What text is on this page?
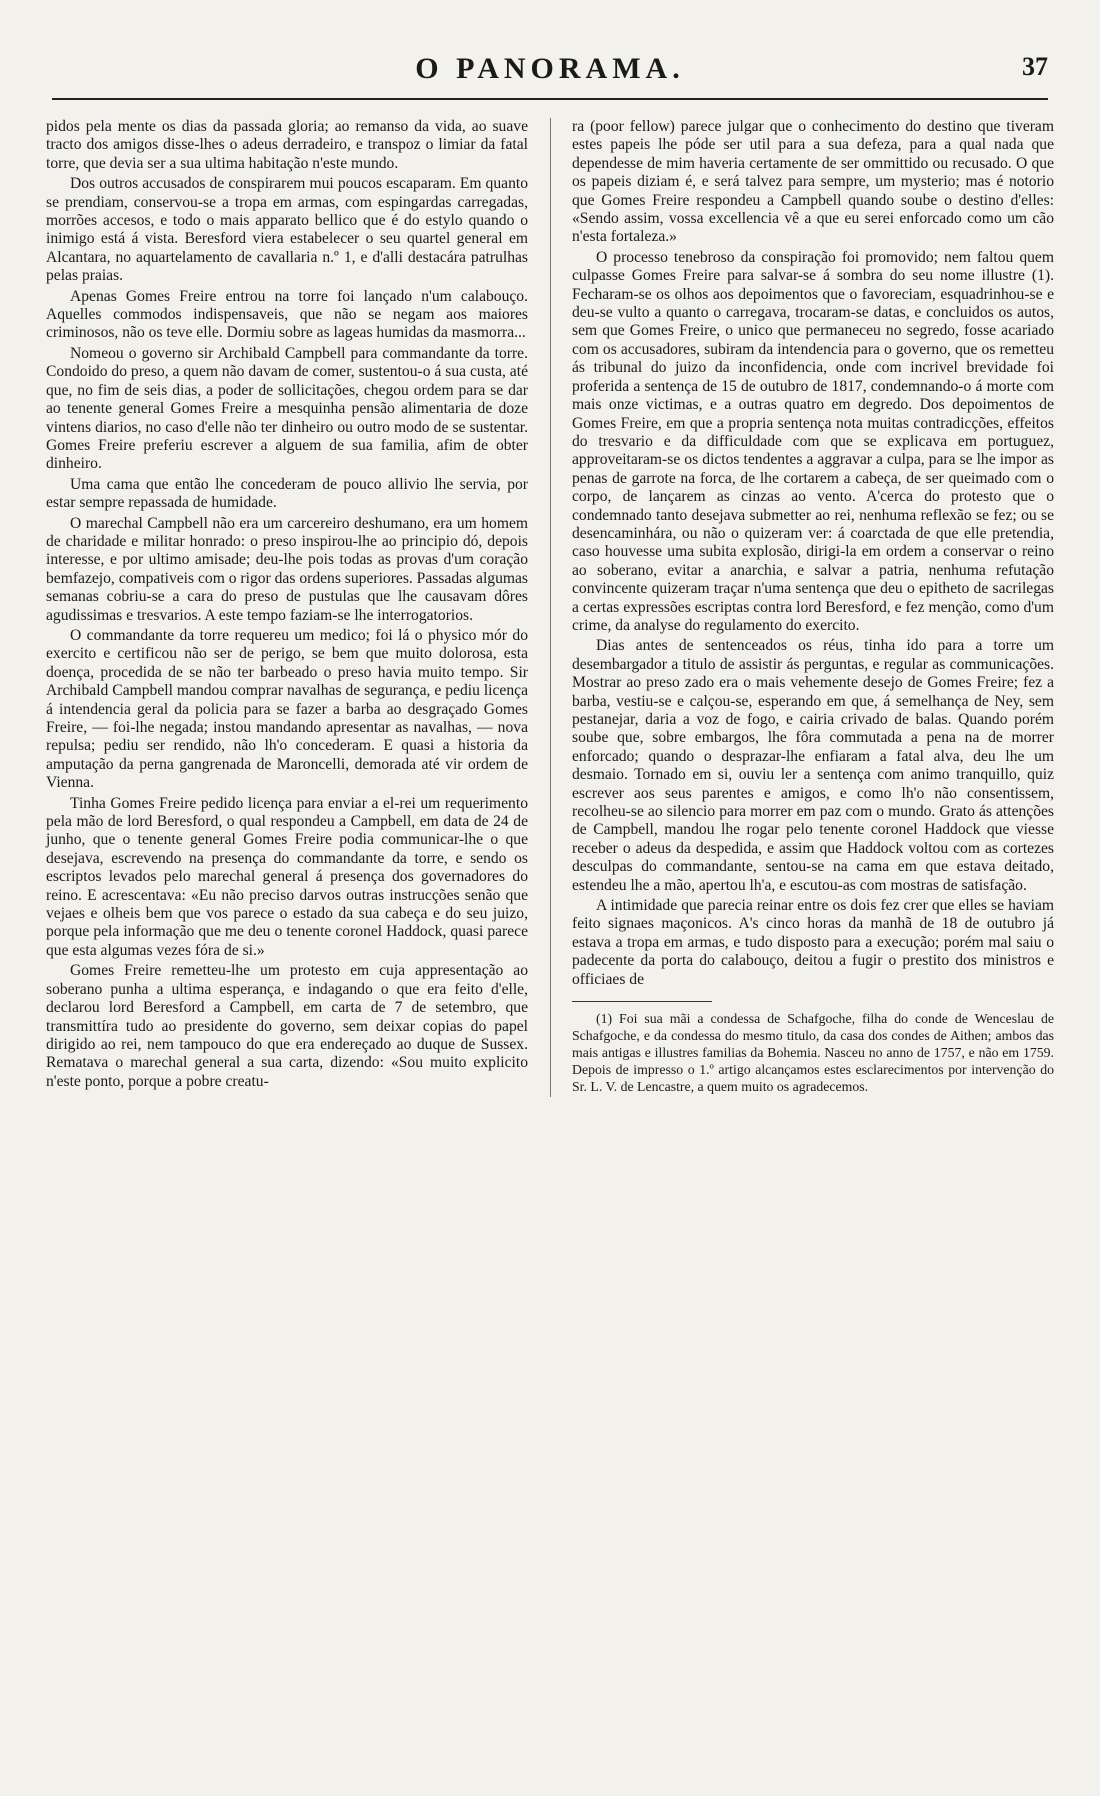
O PANORAMA.	37

pidos pela mente os dias da passada gloria; ao remanso da vida, ao suave tracto dos amigos disse-lhes o adeus derradeiro, e transpoz o limiar da fatal torre, que devia ser a sua ultima habitação n'este mundo.

Dos outros accusados de conspirarem mui poucos escaparam. Em quanto se prendiam, conservou-se a tropa em armas, com espingardas carregadas, morrões accesos, e todo o mais apparato bellico que é do estylo quando o inimigo está á vista. Beresford viera estabelecer o seu quartel general em Alcantara, no aquartelamento de cavallaria n.º 1, e d'alli destacára patrulhas pelas praias.

Apenas Gomes Freire entrou na torre foi lançado n'um calabouço. Aquelles commodos indispensaveis, que não se negam aos maiores criminosos, não os teve elle. Dormiu sobre as lageas humidas da masmorra...

Nomeou o governo sir Archibald Campbell para commandante da torre. Condoido do preso, a quem não davam de comer, sustentou-o á sua custa, até que, no fim de seis dias, a poder de sollicitações, chegou ordem para se dar ao tenente general Gomes Freire a mesquinha pensão alimentaria de doze vintens diarios, no caso d'elle não ter dinheiro ou outro modo de se sustentar. Gomes Freire preferiu escrever a alguem de sua familia, afim de obter dinheiro.

Uma cama que então lhe concederam de pouco allivio lhe servia, por estar sempre repassada de humidade.

O marechal Campbell não era um carcereiro deshumano, era um homem de charidade e militar honrado: o preso inspirou-lhe ao principio dó, depois interesse, e por ultimo amisade; deu-lhe pois todas as provas d'um coração bemfazejo, compativeis com o rigor das ordens superiores. Passadas algumas semanas cobriu-se a cara do preso de pustulas que lhe causavam dôres agudissimas e tresvarios. A este tempo faziam-se lhe interrogatorios.

O commandante da torre requereu um medico; foi lá o physico mór do exercito e certificou não ser de perigo, se bem que muito dolorosa, esta doença, procedida de se não ter barbeado o preso havia muito tempo. Sir Archibald Campbell mandou comprar navalhas de segurança, e pediu licença á intendencia geral da policia para se fazer a barba ao desgraçado Gomes Freire, — foi-lhe negada; instou mandando apresentar as navalhas, — nova repulsa; pediu ser rendido, não lh'o concederam. E quasi a historia da amputação da perna gangrenada de Maroncelli, demorada até vir ordem de Vienna.

Tinha Gomes Freire pedido licença para enviar a el-rei um requerimento pela mão de lord Beresford, o qual respondeu a Campbell, em data de 24 de junho, que o tenente general Gomes Freire podia communicar-lhe o que desejava, escrevendo na presença do commandante da torre, e sendo os escriptos levados pelo marechal general á presença dos governadores do reino. E acrescentava: «Eu não preciso darvos outras instrucções senão que vejaes e olheis bem que vos parece o estado da sua cabeça e do seu juizo, porque pela informação que me deu o tenente coronel Haddock, quasi parece que esta algumas vezes fóra de si.»

Gomes Freire remetteu-lhe um protesto em cuja appresentação ao soberano punha a ultima esperança, e indagando o que era feito d'elle, declarou lord Beresford a Campbell, em carta de 7 de setembro, que transmittíra tudo ao presidente do governo, sem deixar copias do papel dirigido ao rei, nem tampouco do que era endereçado ao duque de Sussex. Rematava o marechal general a sua carta, dizendo: «Sou muito explicito n'este ponto, porque a pobre creatu-

ra (poor fellow) parece julgar que o conhecimento do destino que tiveram estes papeis lhe póde ser util para a sua defeza, para a qual nada que dependesse de mim haveria certamente de ser ommittido ou recusado. O que os papeis diziam é, e será talvez para sempre, um mysterio; mas é notorio que Gomes Freire respondeu a Campbell quando soube o destino d'elles: «Sendo assim, vossa excellencia vê a que eu serei enforcado como um cão n'esta fortaleza.»

O processo tenebroso da conspiração foi promovido; nem faltou quem culpasse Gomes Freire para salvar-se á sombra do seu nome illustre (1). Fecharam-se os olhos aos depoimentos que o favoreciam, esquadrinhou-se e deu-se vulto a quanto o carregava, trocaram-se datas, e concluidos os autos, sem que Gomes Freire, o unico que permaneceu no segredo, fosse acariado com os accusadores, subiram da intendencia para o governo, que os remetteu ás tribunal do juizo da inconfidencia, onde com incrivel brevidade foi proferida a sentença de 15 de outubro de 1817, condemnando-o á morte com mais onze victimas, e a outras quatro em degredo. Dos depoimentos de Gomes Freire, em que a propria sentença nota muitas contradicções, effeitos do tresvario e da difficuldade com que se explicava em portuguez, approveitaram-se os dictos tendentes a aggravar a culpa, para se lhe impor as penas de garrote na forca, de lhe cortarem a cabeça, de ser queimado com o corpo, de lançarem as cinzas ao vento. A'cerca do protesto que o condemnado tanto desejava submetter ao rei, nenhuma reflexão se fez; ou se desencaminhára, ou não o quizeram ver: á coarctada de que elle pretendia, caso houvesse uma subita explosão, dirigi-la em ordem a conservar o reino ao soberano, evitar a anarchia, e salvar a patria, nenhuma refutação convincente quizeram traçar n'uma sentença que deu o epitheto de sacrilegas a certas expressões escriptas contra lord Beresford, e fez menção, como d'um crime, da analyse do regulamento do exercito.

Dias antes de sentenceados os réus, tinha ido para a torre um desembargador a titulo de assistir ás perguntas, e regular as communicações. Mostrar ao preso zado era o mais vehemente desejo de Gomes Freire; fez a barba, vestiu-se e calçou-se, esperando em que, á semelhança de Ney, sem pestanejar, daria a voz de fogo, e cairia crivado de balas. Quando porém soube que, sobre embargos, lhe fôra commutada a pena na de morrer enforcado; quando o desprazar-lhe enfiaram a fatal alva, deu lhe um desmaio. Tornado em si, ouviu ler a sentença com animo tranquillo, quiz escrever aos seus parentes e amigos, e como lh'o não consentissem, recolheu-se ao silencio para morrer em paz com o mundo. Grato ás attenções de Campbell, mandou lhe rogar pelo tenente coronel Haddock que viesse receber o adeus da despedida, e assim que Haddock voltou com as cortezes desculpas do commandante, sentou-se na cama em que estava deitado, estendeu lhe a mão, apertou lh'a, e escutou-as com mostras de satisfação.

A intimidade que parecia reinar entre os dois fez crer que elles se haviam feito signaes maçonicos. A's cinco horas da manhã de 18 de outubro já estava a tropa em armas, e tudo disposto para a execução; porém mal saiu o padecente da porta do calabouço, deitou a fugir o prestito dos ministros e officiaes de

(1) Foi sua mãi a condessa de Schafgoche, filha do conde de Wenceslau de Schafgoche, e da condessa do mesmo titulo, da casa dos condes de Aithen; ambos das mais antigas e illustres familias da Bohemia. Nasceu no anno de 1757, e não em 1759. Depois de impresso o 1.º artigo alcançamos estes esclarecimentos por intervenção do Sr. L. V. de Lencastre, a quem muito os agradecemos.
